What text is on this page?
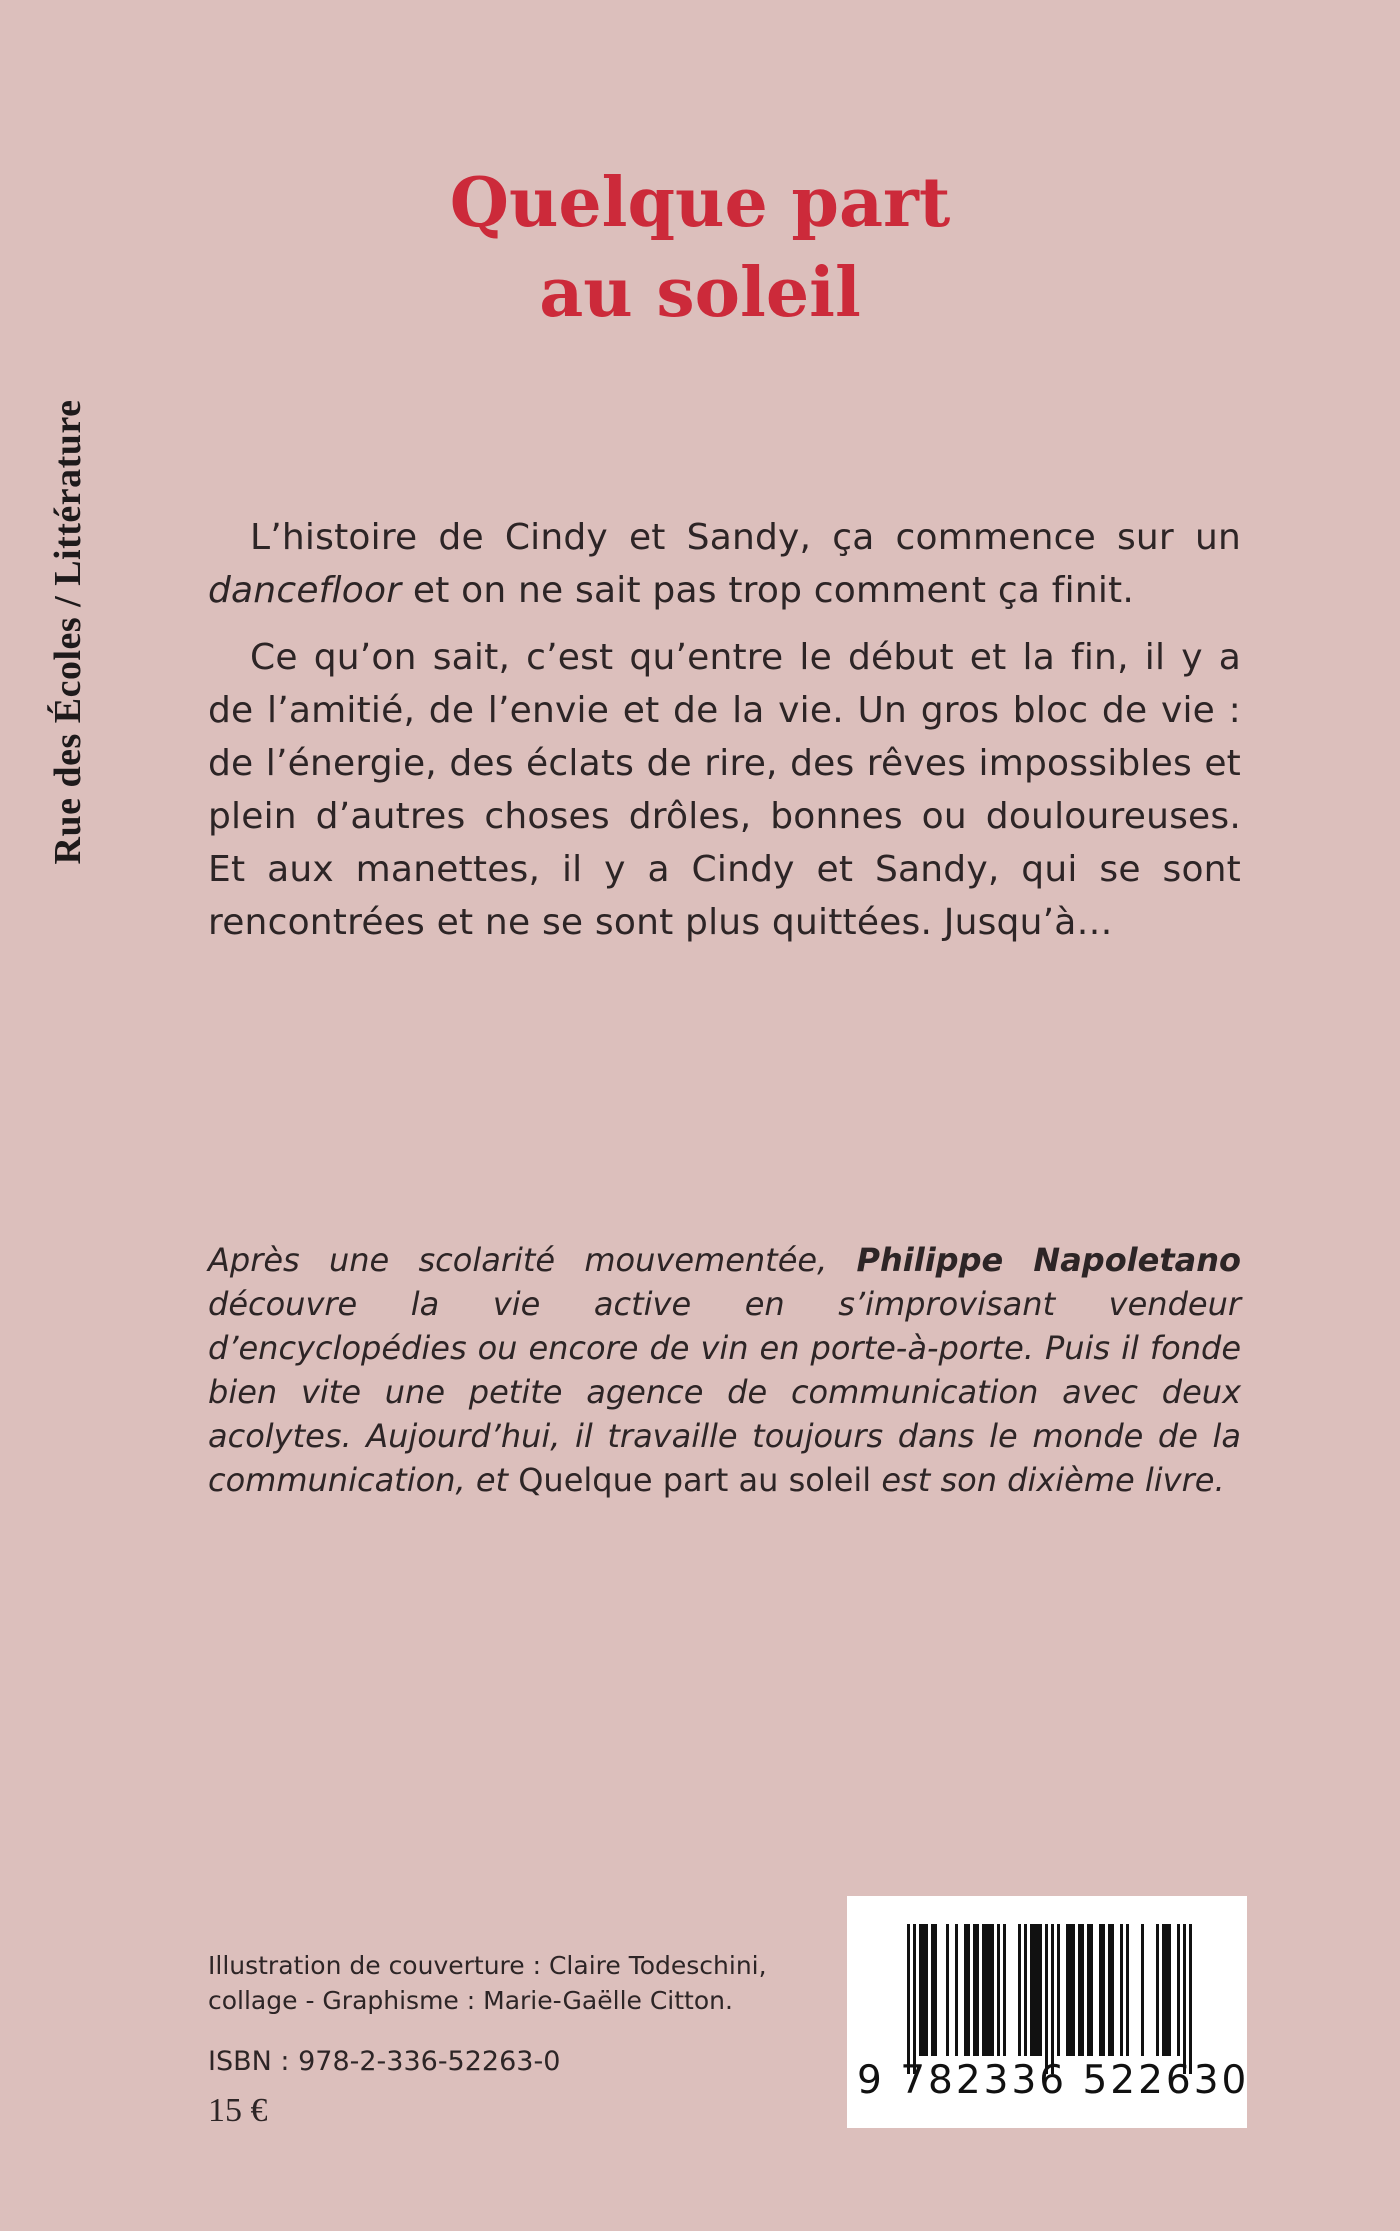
Rue des Écoles / Littérature
Quelque part
au soleil

L’histoire de Cindy et Sandy, ça commence sur un dancefloor et on ne sait pas trop comment ça finit.

Ce qu’on sait, c’est qu’entre le début et la fin, il y a de l’amitié, de l’envie et de la vie. Un gros bloc de vie : de l’énergie, des éclats de rire, des rêves impossibles et plein d’autres choses drôles, bonnes ou douloureuses. Et aux manettes, il y a Cindy et Sandy, qui se sont rencontrées et ne se sont plus quittées. Jusqu’à…

Après une scolarité mouvementée, Philippe Napoletano découvre la vie active en s’improvisant vendeur d’encyclopédies ou encore de vin en porte-à-porte. Puis il fonde bien vite une petite agence de communication avec deux acolytes. Aujourd’hui, il travaille toujours dans le monde de la communication, et Quelque part au soleil est son dixième livre.

Illustration de couverture : Claire Todeschini,
collage - Graphisme : Marie-Gaëlle Citton.
ISBN : 978-2-336-52263-0
15 €
9 782336 522630
